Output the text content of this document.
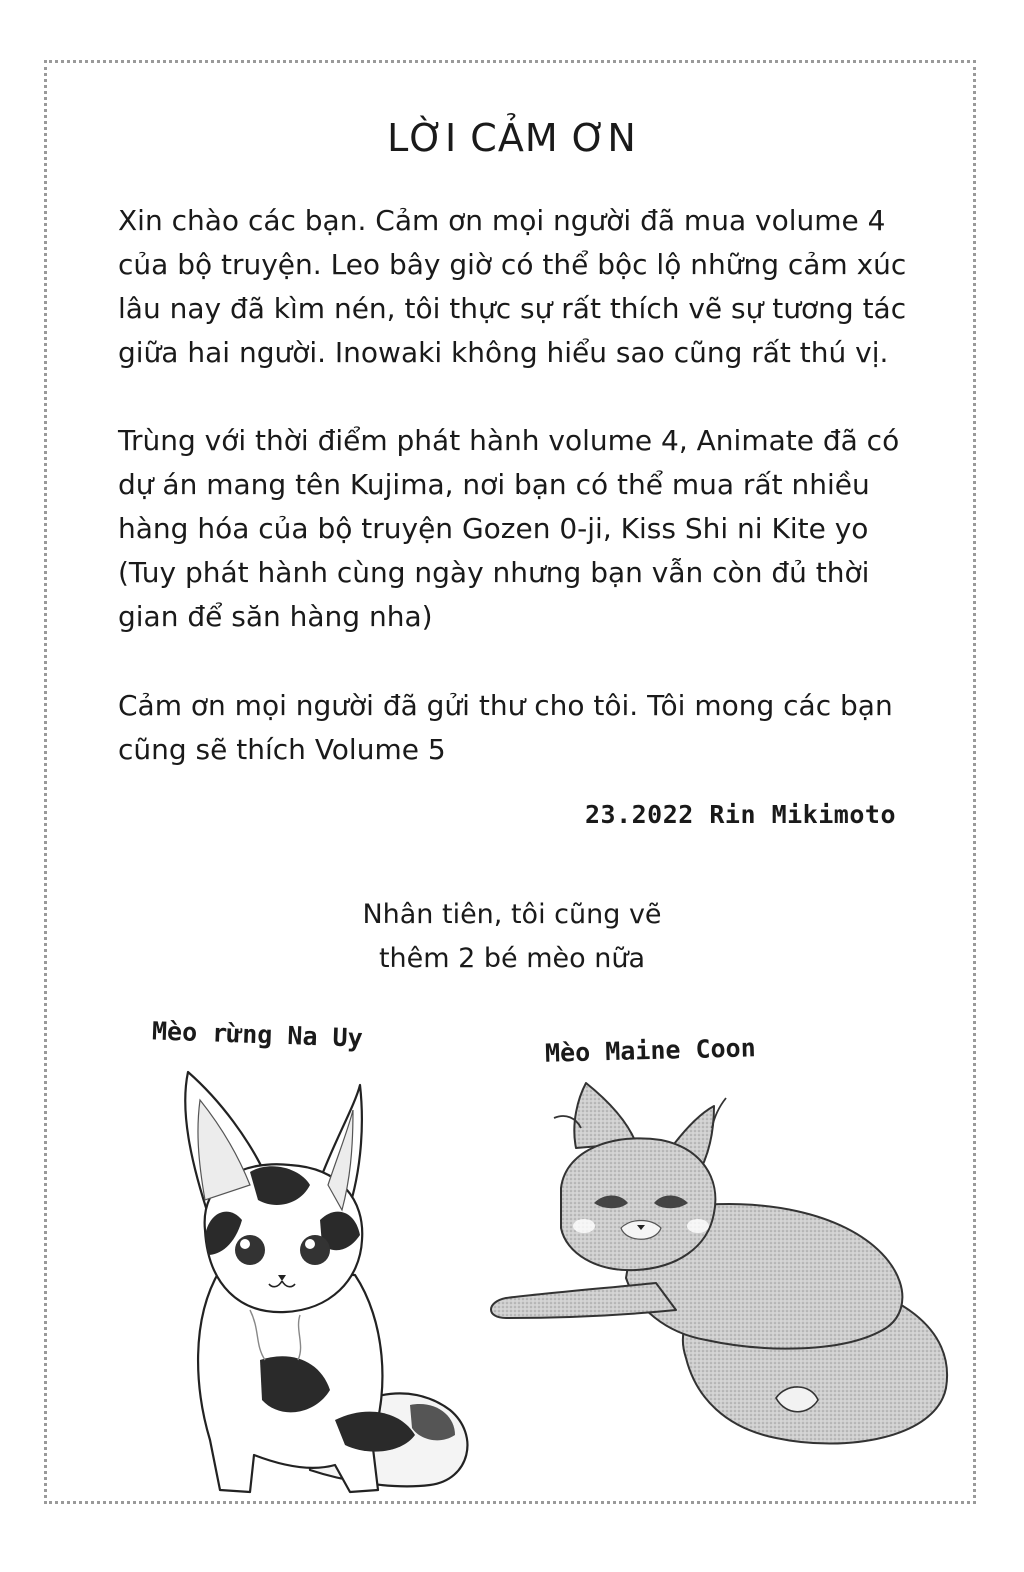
LỜI CẢM ƠN

Xin chào các bạn. Cảm ơn mọi người đã mua volume 4 của bộ truyện. Leo bây giờ có thể bộc lộ những cảm xúc lâu nay đã kìm nén, tôi thực sự rất thích vẽ sự tương tác giữa hai người. Inowaki không hiểu sao cũng rất thú vị.

Trùng với thời điểm phát hành volume 4, Animate đã có dự án mang tên Kujima, nơi bạn có thể mua rất nhiều hàng hóa của bộ truyện Gozen 0-ji, Kiss Shi ni Kite yo (Tuy phát hành cùng ngày nhưng bạn vẫn còn đủ thời gian để săn hàng nha)

Cảm ơn mọi người đã gửi thư cho tôi. Tôi mong các bạn cũng sẽ thích Volume 5

23.2022 Rin Mikimoto
Nhân tiên, tôi cũng vẽ
thêm 2 bé mèo nữa
Mèo rừng Na Uy	Mèo Maine Coon
